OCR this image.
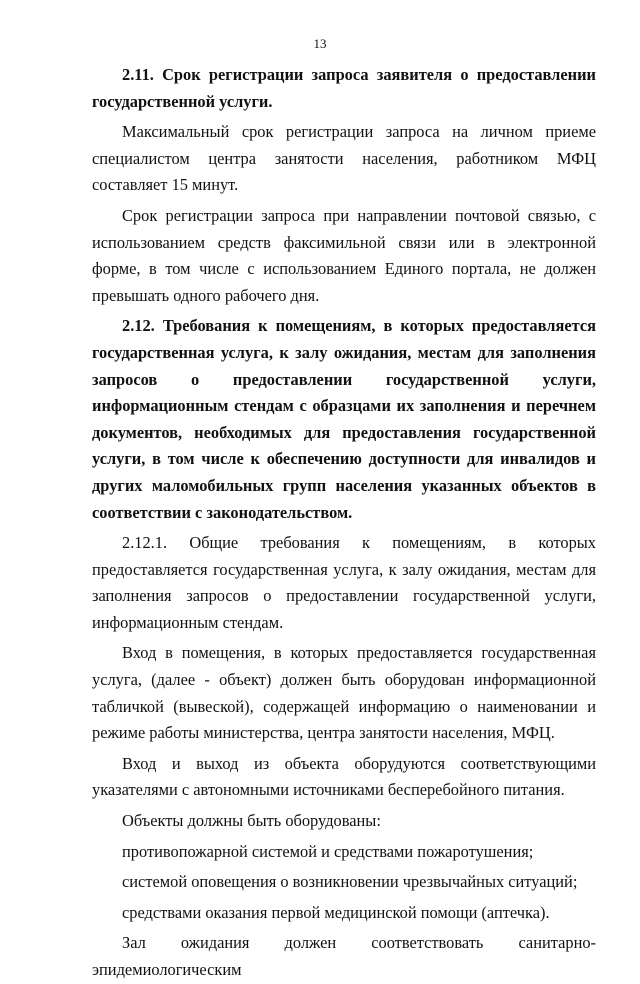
13

2.11. Срок регистрации запроса заявителя о предоставлении государственной услуги.

Максимальный срок регистрации запроса на личном приеме специалистом центра занятости населения, работником МФЦ составляет 15 минут.

Срок регистрации запроса при направлении почтовой связью, с использованием средств факсимильной связи или в электронной форме, в том числе с использованием Единого портала, не должен превышать одного рабочего дня.

2.12. Требования к помещениям, в которых предоставляется государственная услуга, к залу ожидания, местам для заполнения запросов о предоставлении государственной услуги, информационным стендам с образцами их заполнения и перечнем документов, необходимых для предоставления государственной услуги, в том числе к обеспечению доступности для инвалидов и других маломобильных групп населения указанных объектов в соответствии с законодательством.

2.12.1. Общие требования к помещениям, в которых предоставляется государственная услуга, к залу ожидания, местам для заполнения запросов о предоставлении государственной услуги, информационным стендам.

Вход в помещения, в которых предоставляется государственная услуга, (далее - объект) должен быть оборудован информационной табличкой (вывеской), содержащей информацию о наименовании и режиме работы министерства, центра занятости населения, МФЦ.

Вход и выход из объекта оборудуются соответствующими указателями с автономными источниками бесперебойного питания.

Объекты должны быть оборудованы:

противопожарной системой и средствами пожаротушения;

системой оповещения о возникновении чрезвычайных ситуаций;

средствами оказания первой медицинской помощи (аптечка).

Зал ожидания должен соответствовать санитарно-эпидемиологическим
